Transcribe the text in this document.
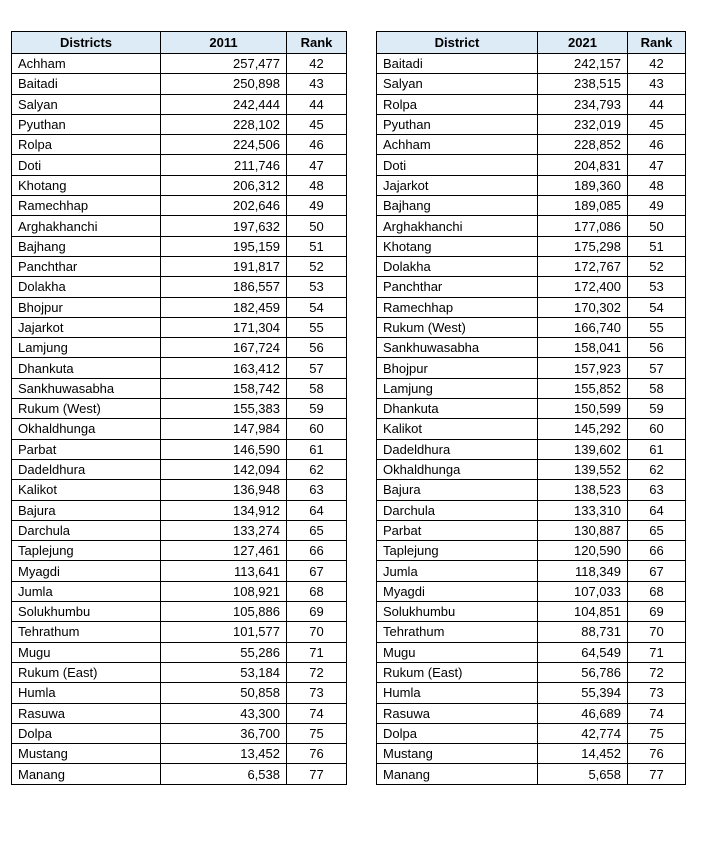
Districts	2011	Rank
Achham	257,477	42
Baitadi	250,898	43
Salyan	242,444	44
Pyuthan	228,102	45
Rolpa	224,506	46
Doti	211,746	47
Khotang	206,312	48
Ramechhap	202,646	49
Arghakhanchi	197,632	50
Bajhang	195,159	51
Panchthar	191,817	52
Dolakha	186,557	53
Bhojpur	182,459	54
Jajarkot	171,304	55
Lamjung	167,724	56
Dhankuta	163,412	57
Sankhuwasabha	158,742	58
Rukum (West)	155,383	59
Okhaldhunga	147,984	60
Parbat	146,590	61
Dadeldhura	142,094	62
Kalikot	136,948	63
Bajura	134,912	64
Darchula	133,274	65
Taplejung	127,461	66
Myagdi	113,641	67
Jumla	108,921	68
Solukhumbu	105,886	69
Tehrathum	101,577	70
Mugu	55,286	71
Rukum (East)	53,184	72
Humla	50,858	73
Rasuwa	43,300	74
Dolpa	36,700	75
Mustang	13,452	76
Manang	6,538	77
District	2021	Rank
Baitadi	242,157	42
Salyan	238,515	43
Rolpa	234,793	44
Pyuthan	232,019	45
Achham	228,852	46
Doti	204,831	47
Jajarkot	189,360	48
Bajhang	189,085	49
Arghakhanchi	177,086	50
Khotang	175,298	51
Dolakha	172,767	52
Panchthar	172,400	53
Ramechhap	170,302	54
Rukum (West)	166,740	55
Sankhuwasabha	158,041	56
Bhojpur	157,923	57
Lamjung	155,852	58
Dhankuta	150,599	59
Kalikot	145,292	60
Dadeldhura	139,602	61
Okhaldhunga	139,552	62
Bajura	138,523	63
Darchula	133,310	64
Parbat	130,887	65
Taplejung	120,590	66
Jumla	118,349	67
Myagdi	107,033	68
Solukhumbu	104,851	69
Tehrathum	88,731	70
Mugu	64,549	71
Rukum (East)	56,786	72
Humla	55,394	73
Rasuwa	46,689	74
Dolpa	42,774	75
Mustang	14,452	76
Manang	5,658	77
